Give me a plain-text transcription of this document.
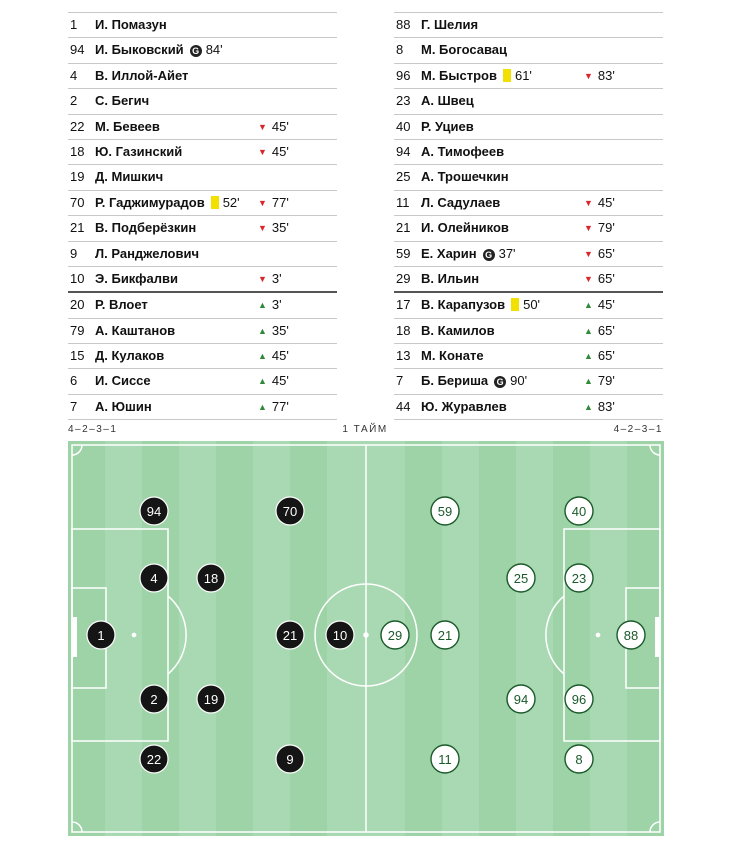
1 И. Помазун
94 И. Быковский G 84'
4 В. Иллой-Айет
2 С. Бегич
22 М. Бевеев	▼ 45'
18 Ю. Газинский	▼ 45'
19 Д. Мишкич
70 Р. Гаджимурадов 52' ▼ 77'
21 В. Подберёзкин	▼ 35'
9 Л. Ранджелович
10 Э. Бикфалви	▼ 3'
20 Р. Влоет	▲ 3'
79 А. Каштанов	▲ 35'
15 Д. Кулаков	▲ 45'
6 И. Сиссе	▲ 45'
7 А. Юшин	▲ 77'
88 Г. Шелия
8 М. Богосавац
96 М. Быстров 61'	▼ 83'
23 А. Швец
40 Р. Уциев
94 А. Тимофеев
25 А. Трошечкин
11 Л. Садулаев	▼ 45'
21 И. Олейников	▼ 79'
59 Е. Харин G 37'	▼ 65'
29 В. Ильин	▼ 65'
17 В. Карапузов 50'	▲ 45'
18 В. Камилов	▲ 65'
13 М. Конате	▲ 65'
7 Б. Бериша G 90'	▲ 79'
44 Ю. Журавлев	▲ 83'
4–2–3–1	1 ТАЙМ	4–2–3–1
1
94
4
2
22
18
19
70
21	10
9
88
40
23
96
8
25
94
59
21
11
29
